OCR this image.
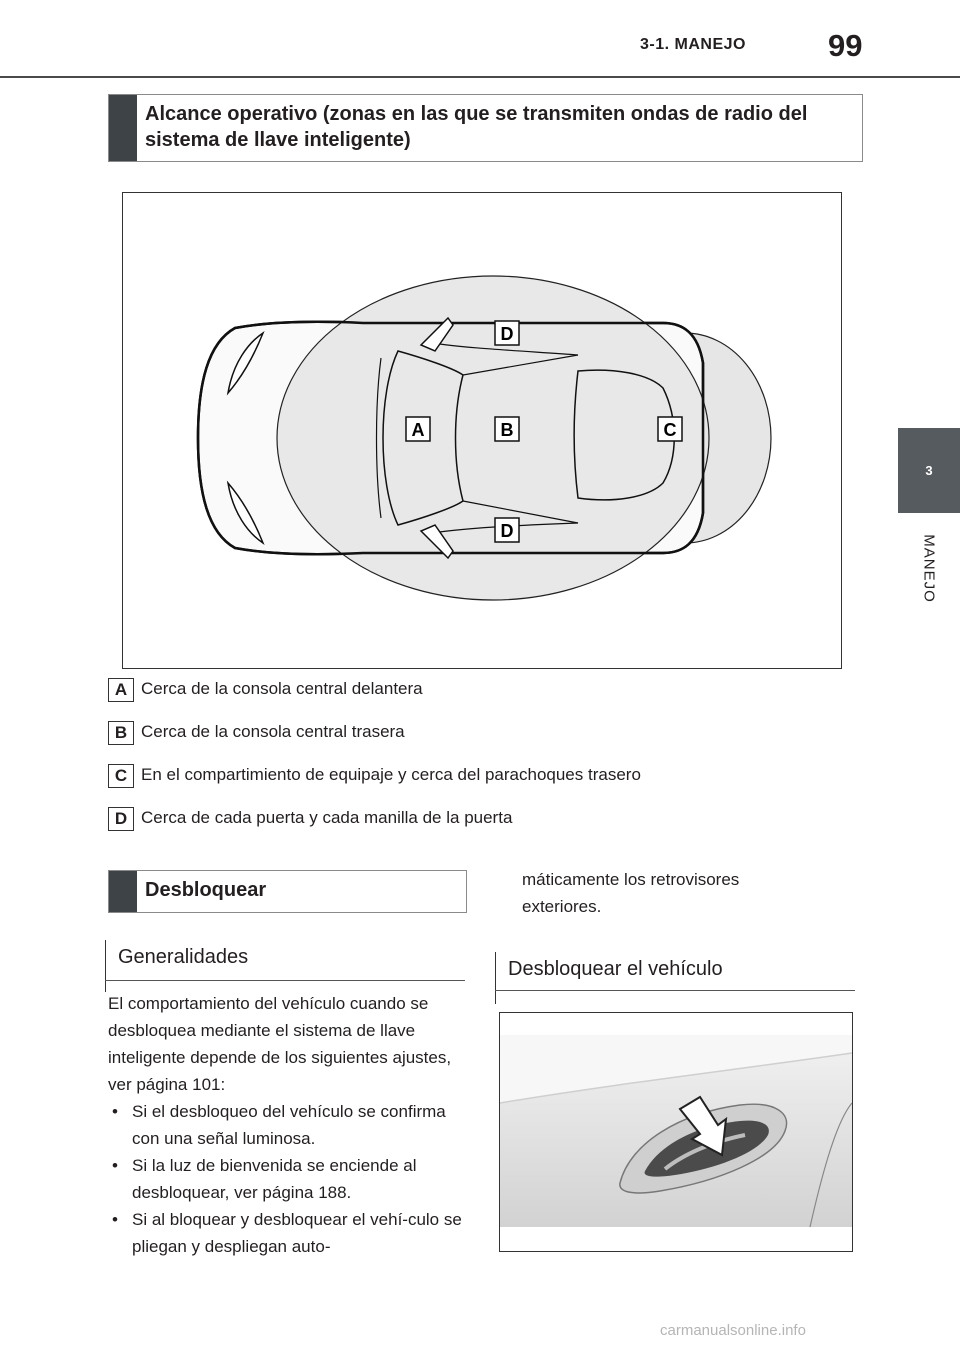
3-1. MANEJO	99
3
MANEJO
Alcance operativo (zonas en las que se transmiten ondas de radio del sistema de llave inteligente)
D
A	B	C
D
A Cerca de la consola central delantera
B Cerca de la consola central trasera
C En el compartimiento de equipaje y cerca del parachoques trasero
D Cerca de cada puerta y cada manilla de la puerta
Desbloquear
Generalidades
El comportamiento del vehículo cuando se desbloquea mediante el sistema de llave inteligente depende de los siguientes ajustes, ver página 101:
• Si el desbloqueo del vehículo se confirma con una señal luminosa.
• Si la luz de bienvenida se enciende al desbloquear, ver página 188.
• Si al bloquear y desbloquear el vehí-culo se pliegan y despliegan auto-
máticamente los retrovisores exteriores.
Desbloquear el vehículo
carmanualsonline.info
